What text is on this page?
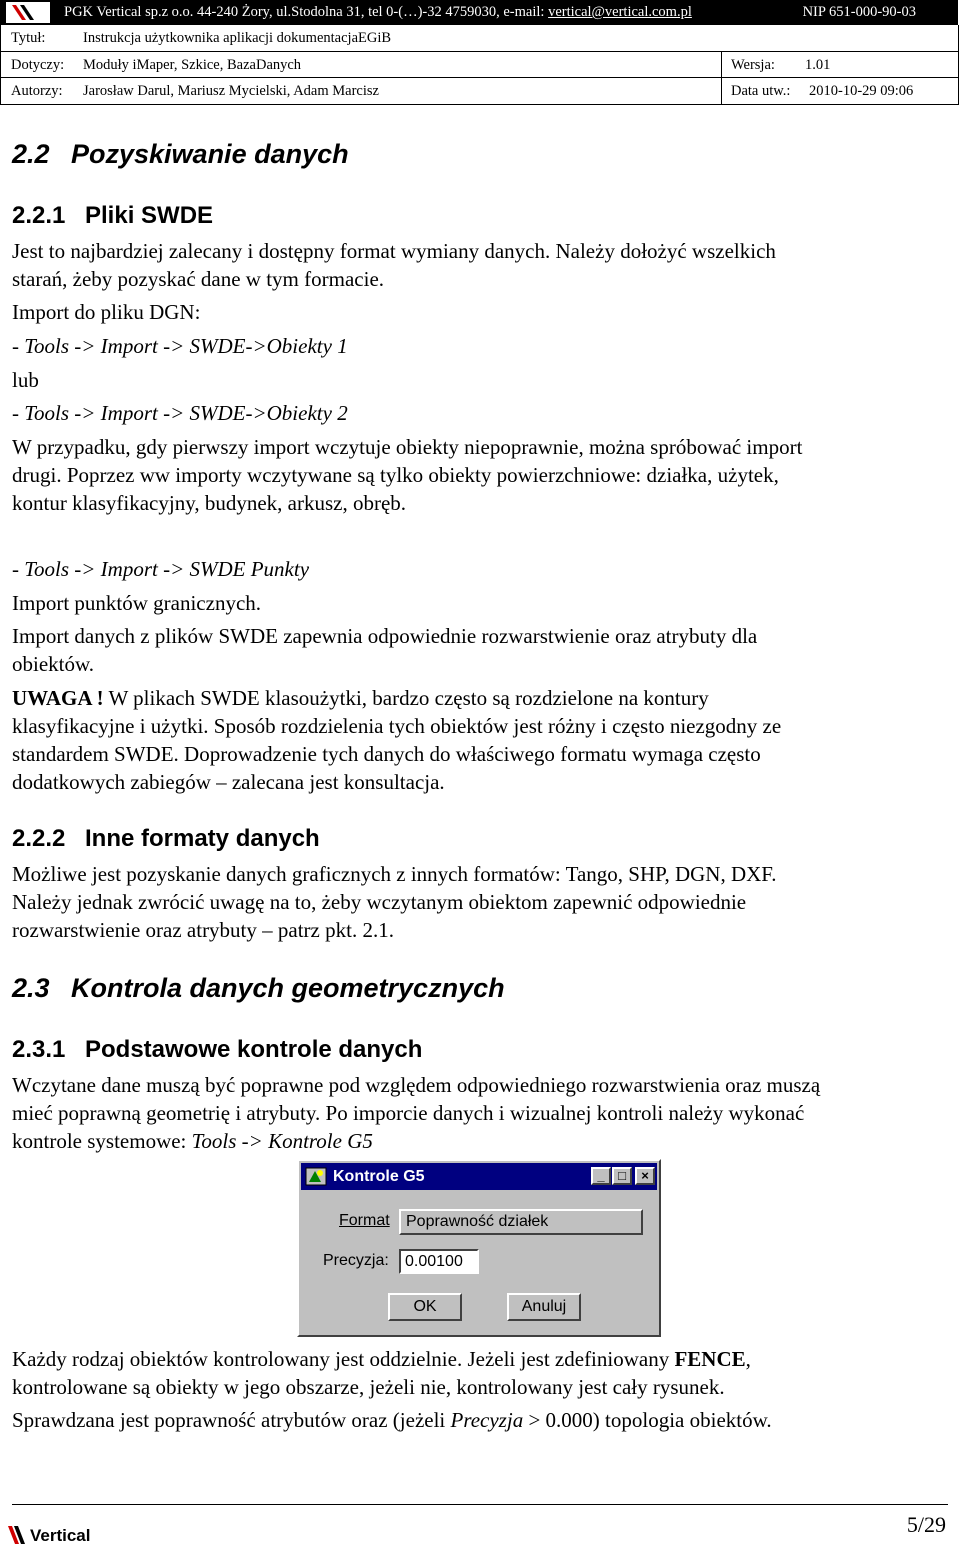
PGK Vertical sp.z o.o. 44-240 Żory, ul.Stodolna 31, tel 0-(…)-32 4759030, e-mail: vertical@vertical.com.pl	NIP 651-000-90-03
Tytuł:	Instrukcja użytkownika aplikacji dokumentacjaEGiB
Dotyczy: Moduły iMaper, Szkice, BazaDanych	Wersja: 1.01
Autorzy: Jarosław Darul, Mariusz Mycielski, Adam Marcisz	Data utw.: 2010-10-29 09:06
2.2 Pozyskiwanie danych
2.2.1 Pliki SWDE
Jest to najbardziej zalecany i dostępny format wymiany danych. Należy dołożyć wszelkich
starań, żeby pozyskać dane w tym formacie.
Import do pliku DGN:
- Tools -> Import -> SWDE->Obiekty 1
lub
- Tools -> Import -> SWDE->Obiekty 2
W przypadku, gdy pierwszy import wczytuje obiekty niepoprawnie, można spróbować import
drugi. Poprzez ww importy wczytywane są tylko obiekty powierzchniowe: działka, użytek,
kontur klasyfikacyjny, budynek, arkusz, obręb.
- Tools -> Import -> SWDE Punkty
Import punktów granicznych.
Import danych z plików SWDE zapewnia odpowiednie rozwarstwienie oraz atrybuty dla
obiektów.
UWAGA ! W plikach SWDE klasoużytki, bardzo często są rozdzielone na kontury
klasyfikacyjne i użytki. Sposób rozdzielenia tych obiektów jest różny i często niezgodny ze
standardem SWDE. Doprowadzenie tych danych do właściwego formatu wymaga często
dodatkowych zabiegów – zalecana jest konsultacja.
2.2.2 Inne formaty danych
Możliwe jest pozyskanie danych graficznych z innych formatów: Tango, SHP, DGN, DXF.
Należy jednak zwrócić uwagę na to, żeby wczytanym obiektom zapewnić odpowiednie
rozwarstwienie oraz atrybuty – patrz pkt. 2.1.
2.3 Kontrola danych geometrycznych
2.3.1 Podstawowe kontrole danych
Wczytane dane muszą być poprawne pod względem odpowiedniego rozwarstwienia oraz muszą
mieć poprawną geometrię i atrybuty. Po imporcie danych i wizualnej kontroli należy wykonać
kontrole systemowe: Tools -> Kontrole G5
Kontrole G5	_	□	×
Format	Poprawność działek
Precyzja:	0.00100
OK	Anuluj
Każdy rodzaj obiektów kontrolowany jest oddzielnie. Jeżeli jest zdefiniowany FENCE,
kontrolowane są obiekty w jego obszarze, jeżeli nie, kontrolowany jest cały rysunek.
Sprawdzana jest poprawność atrybutów oraz (jeżeli Precyzja > 0.000) topologia obiektów.
Vertical	5/29
